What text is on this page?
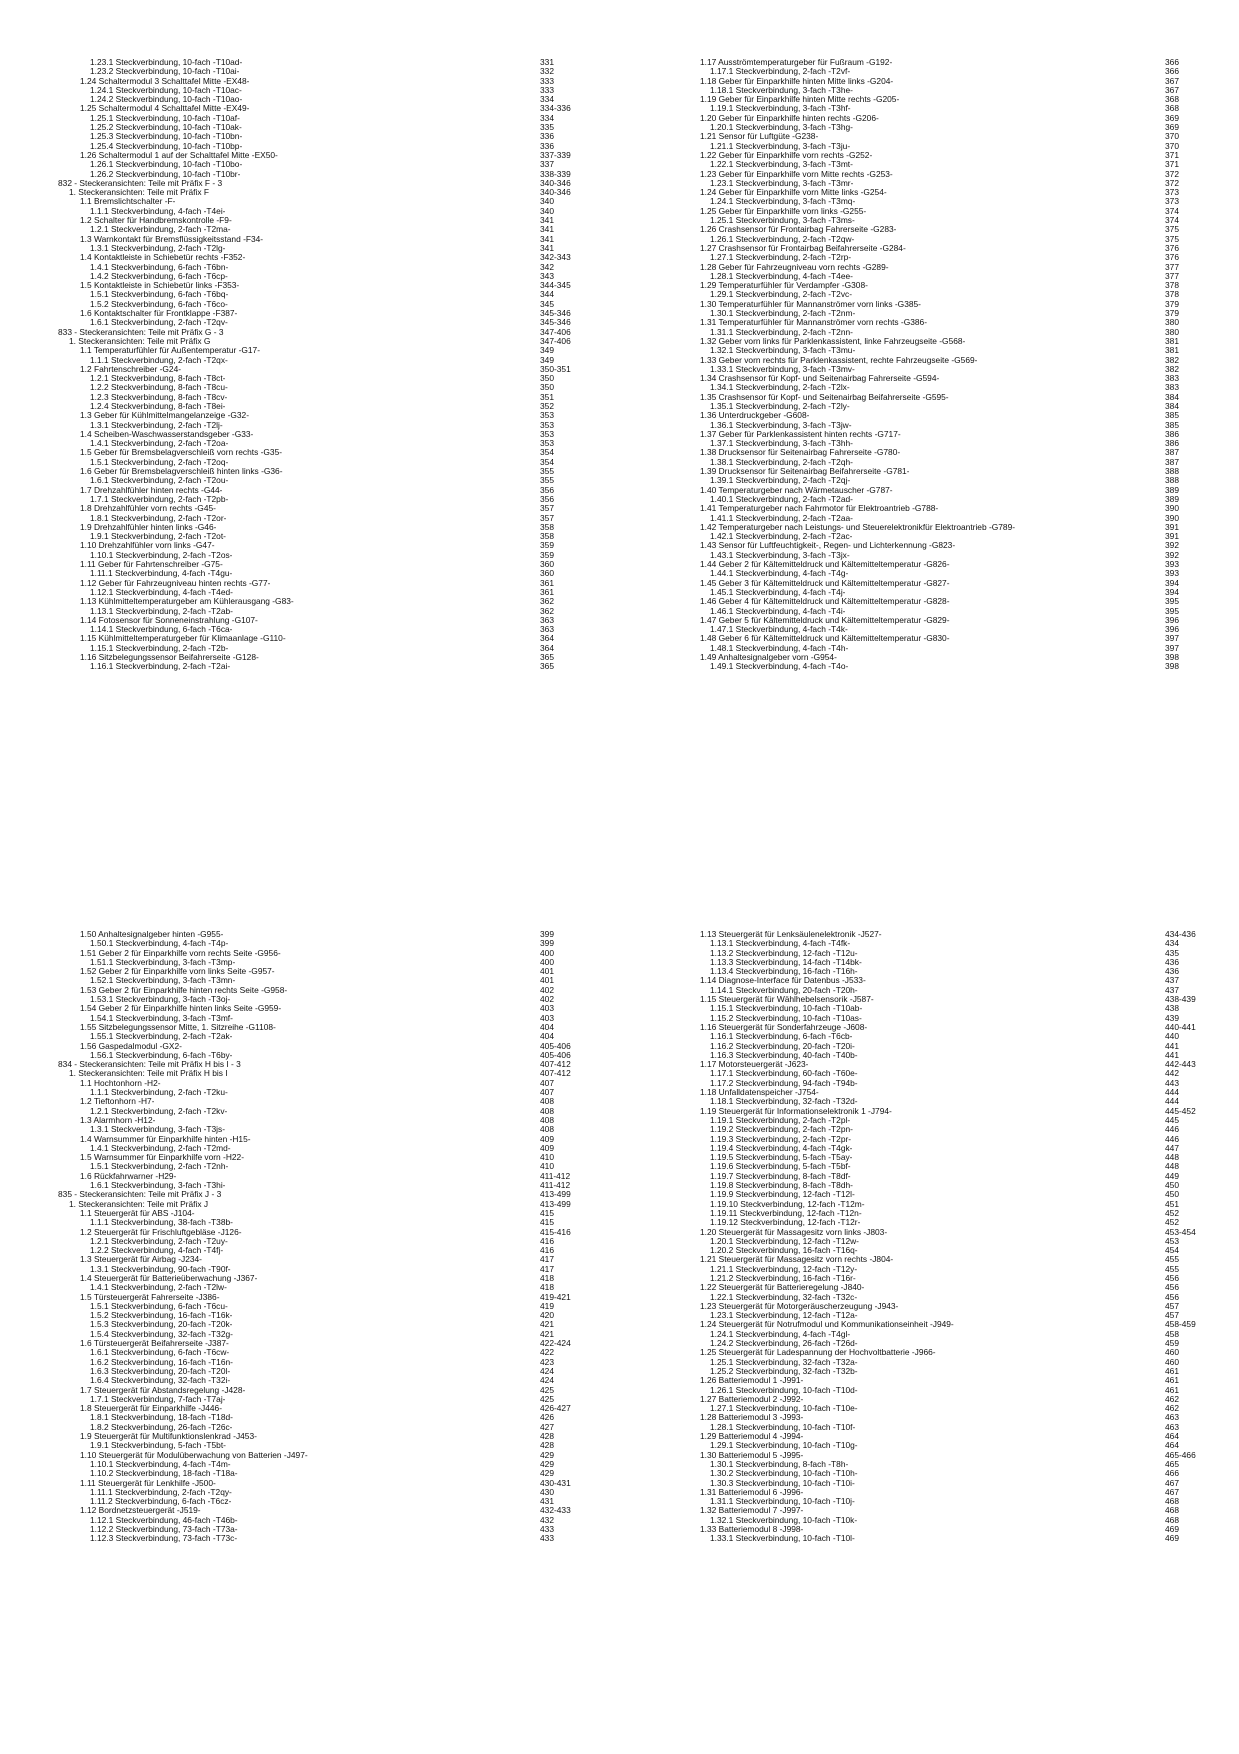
1.23.1 Steckverbindung, 10-fach -T10ad-	331
1.23.2 Steckverbindung, 10-fach -T10ai-	332
1.24 Schaltermodul 3 Schalttafel Mitte -EX48-	333
1.24.1 Steckverbindung, 10-fach -T10ac-	333
1.24.2 Steckverbindung, 10-fach -T10ao-	334
1.25 Schaltermodul 4 Schalttafel Mitte -EX49-	334-336
1.25.1 Steckverbindung, 10-fach -T10af-	334
1.25.2 Steckverbindung, 10-fach -T10ak-	335
1.25.3 Steckverbindung, 10-fach -T10bn-	336
1.25.4 Steckverbindung, 10-fach -T10bp-	336
1.26 Schaltermodul 1 auf der Schalttafel Mitte -EX50-	337-339
1.26.1 Steckverbindung, 10-fach -T10bo-	337
1.26.2 Steckverbindung, 10-fach -T10br-	338-339
832 - Steckeransichten: Teile mit Präfix F - 3	340-346
1. Steckeransichten: Teile mit Präfix F	340-346
1.1 Bremslichtschalter -F-	340
1.1.1 Steckverbindung, 4-fach -T4ei-	340
1.2 Schalter für Handbremskontrolle -F9-	341
1.2.1 Steckverbindung, 2-fach -T2ma-	341
1.3 Warnkontakt für Bremsflüssigkeitsstand -F34-	341
1.3.1 Steckverbindung, 2-fach -T2lg-	341
1.4 Kontaktleiste in Schiebetür rechts -F352-	342-343
1.4.1 Steckverbindung, 6-fach -T6bn-	342
1.4.2 Steckverbindung, 6-fach -T6cp-	343
1.5 Kontaktleiste in Schiebetür links -F353-	344-345
1.5.1 Steckverbindung, 6-fach -T6bq-	344
1.5.2 Steckverbindung, 6-fach -T6co-	345
1.6 Kontaktschalter für Frontklappe -F387-	345-346
1.6.1 Steckverbindung, 2-fach -T2qv-	345-346
833 - Steckeransichten: Teile mit Präfix G - 3	347-406
1. Steckeransichten: Teile mit Präfix G	347-406
1.1 Temperaturfühler für Außentemperatur -G17-	349
1.1.1 Steckverbindung, 2-fach -T2qx-	349
1.2 Fahrtenschreiber -G24-	350-351
1.2.1 Steckverbindung, 8-fach -T8ct-	350
1.2.2 Steckverbindung, 8-fach -T8cu-	350
1.2.3 Steckverbindung, 8-fach -T8cv-	351
1.2.4 Steckverbindung, 8-fach -T8ei-	352
1.3 Geber für Kühlmittelmangelanzeige -G32-	353
1.3.1 Steckverbindung, 2-fach -T2lj-	353
1.4 Scheiben-Waschwasserstandsgeber -G33-	353
1.4.1 Steckverbindung, 2-fach -T2oa-	353
1.5 Geber für Bremsbelagverschleiß vorn rechts -G35-	354
1.5.1 Steckverbindung, 2-fach -T2oq-	354
1.6 Geber für Bremsbelagverschleiß hinten links -G36-	355
1.6.1 Steckverbindung, 2-fach -T2ou-	355
1.7 Drehzahlfühler hinten rechts -G44-	356
1.7.1 Steckverbindung, 2-fach -T2pb-	356
1.8 Drehzahlfühler vorn rechts -G45-	357
1.8.1 Steckverbindung, 2-fach -T2or-	357
1.9 Drehzahlfühler hinten links -G46-	358
1.9.1 Steckverbindung, 2-fach -T2ot-	358
1.10 Drehzahlfühler vorn links -G47-	359
1.10.1 Steckverbindung, 2-fach -T2os-	359
1.11 Geber für Fahrtenschreiber -G75-	360
1.11.1 Steckverbindung, 4-fach -T4gu-	360
1.12 Geber für Fahrzeugniveau hinten rechts -G77-	361
1.12.1 Steckverbindung, 4-fach -T4ed-	361
1.13 Kühlmitteltemperaturgeber am Kühlerausgang -G83-	362
1.13.1 Steckverbindung, 2-fach -T2ab-	362
1.14 Fotosensor für Sonneneinstrahlung -G107-	363
1.14.1 Steckverbindung, 6-fach -T6ca-	363
1.15 Kühlmitteltemperaturgeber für Klimaanlage -G110-	364
1.15.1 Steckverbindung, 2-fach -T2b-	364
1.16 Sitzbelegungssensor Beifahrerseite -G128-	365
1.16.1 Steckverbindung, 2-fach -T2ai-	365
1.17 Ausströmtemperaturgeber für Fußraum -G192-	366
1.17.1 Steckverbindung, 2-fach -T2vf-	366
1.18 Geber für Einparkhilfe hinten Mitte links -G204-	367
1.18.1 Steckverbindung, 3-fach -T3he-	367
1.19 Geber für Einparkhilfe hinten Mitte rechts -G205-	368
1.19.1 Steckverbindung, 3-fach -T3hf-	368
1.20 Geber für Einparkhilfe hinten rechts -G206-	369
1.20.1 Steckverbindung, 3-fach -T3hg-	369
1.21 Sensor für Luftgüte -G238-	370
1.21.1 Steckverbindung, 3-fach -T3ju-	370
1.22 Geber für Einparkhilfe vorn rechts -G252-	371
1.22.1 Steckverbindung, 3-fach -T3mt-	371
1.23 Geber für Einparkhilfe vorn Mitte rechts -G253-	372
1.23.1 Steckverbindung, 3-fach -T3mr-	372
1.24 Geber für Einparkhilfe vorn Mitte links -G254-	373
1.24.1 Steckverbindung, 3-fach -T3mq-	373
1.25 Geber für Einparkhilfe vorn links -G255-	374
1.25.1 Steckverbindung, 3-fach -T3ms-	374
1.26 Crashsensor für Frontairbag Fahrerseite -G283-	375
1.26.1 Steckverbindung, 2-fach -T2qw-	375
1.27 Crashsensor für Frontairbag Beifahrerseite -G284-	376
1.27.1 Steckverbindung, 2-fach -T2rp-	376
1.28 Geber für Fahrzeugniveau vorn rechts -G289-	377
1.28.1 Steckverbindung, 4-fach -T4ee-	377
1.29 Temperaturfühler für Verdampfer -G308-	378
1.29.1 Steckverbindung, 2-fach -T2vc-	378
1.30 Temperaturfühler für Mannanströmer vorn links -G385-	379
1.30.1 Steckverbindung, 2-fach -T2nm-	379
1.31 Temperaturfühler für Mannanströmer vorn rechts -G386-	380
1.31.1 Steckverbindung, 2-fach -T2nn-	380
1.32 Geber vorn links für Parklenkassistent, linke Fahrzeugseite -G568-	381
1.32.1 Steckverbindung, 3-fach -T3mu-	381
1.33 Geber vorn rechts für Parklenkassistent, rechte Fahrzeugseite -G569-	382
1.33.1 Steckverbindung, 3-fach -T3mv-	382
1.34 Crashsensor für Kopf- und Seitenairbag Fahrerseite -G594-	383
1.34.1 Steckverbindung, 2-fach -T2lx-	383
1.35 Crashsensor für Kopf- und Seitenairbag Beifahrerseite -G595-	384
1.35.1 Steckverbindung, 2-fach -T2ly-	384
1.36 Unterdruckgeber -G608-	385
1.36.1 Steckverbindung, 3-fach -T3jw-	385
1.37 Geber für Parklenkassistent hinten rechts -G717-	386
1.37.1 Steckverbindung, 3-fach -T3hh-	386
1.38 Drucksensor für Seitenairbag Fahrerseite -G780-	387
1.38.1 Steckverbindung, 2-fach -T2qh-	387
1.39 Drucksensor für Seitenairbag Beifahrerseite -G781-	388
1.39.1 Steckverbindung, 2-fach -T2qj-	388
1.40 Temperaturgeber nach Wärmetauscher -G787-	389
1.40.1 Steckverbindung, 2-fach -T2ad-	389
1.41 Temperaturgeber nach Fahrmotor für Elektroantrieb -G788-	390
1.41.1 Steckverbindung, 2-fach -T2aa-	390
1.42 Temperaturgeber nach Leistungs- und Steuerelektronikfür Elektroantrieb -G789-	391
1.42.1 Steckverbindung, 2-fach -T2ac-	391
1.43 Sensor für Luftfeuchtigkeit-, Regen- und Lichterkennung -G823-	392
1.43.1 Steckverbindung, 3-fach -T3jx-	392
1.44 Geber 2 für Kältemitteldruck und Kältemitteltemperatur -G826-	393
1.44.1 Steckverbindung, 4-fach -T4g-	393
1.45 Geber 3 für Kältemitteldruck und Kältemitteltemperatur -G827-	394
1.45.1 Steckverbindung, 4-fach -T4j-	394
1.46 Geber 4 für Kältemitteldruck und Kältemitteltemperatur -G828-	395
1.46.1 Steckverbindung, 4-fach -T4i-	395
1.47 Geber 5 für Kältemitteldruck und Kältemitteltemperatur -G829-	396
1.47.1 Steckverbindung, 4-fach -T4k-	396
1.48 Geber 6 für Kältemitteldruck und Kältemitteltemperatur -G830-	397
1.48.1 Steckverbindung, 4-fach -T4h-	397
1.49 Anhaltesignalgeber vorn -G954-	398
1.49.1 Steckverbindung, 4-fach -T4o-	398
1.50 Anhaltesignalgeber hinten -G955-	399
1.50.1 Steckverbindung, 4-fach -T4p-	399
1.51 Geber 2 für Einparkhilfe vorn rechts Seite -G956-	400
1.51.1 Steckverbindung, 3-fach -T3mp-	400
1.52 Geber 2 für Einparkhilfe vorn links Seite -G957-	401
1.52.1 Steckverbindung, 3-fach -T3mn-	401
1.53 Geber 2 für Einparkhilfe hinten rechts Seite -G958-	402
1.53.1 Steckverbindung, 3-fach -T3oj-	402
1.54 Geber 2 für Einparkhilfe hinten links Seite -G959-	403
1.54.1 Steckverbindung, 3-fach -T3mf-	403
1.55 Sitzbelegungssensor Mitte, 1. Sitzreihe -G1108-	404
1.55.1 Steckverbindung, 2-fach -T2ak-	404
1.56 Gaspedalmodul -GX2-	405-406
1.56.1 Steckverbindung, 6-fach -T6by-	405-406
834 - Steckeransichten: Teile mit Präfix H bis I - 3	407-412
1. Steckeransichten: Teile mit Präfix H bis I	407-412
1.1 Hochtonhorn -H2-	407
1.1.1 Steckverbindung, 2-fach -T2ku-	407
1.2 Tieftonhorn -H7-	408
1.2.1 Steckverbindung, 2-fach -T2kv-	408
1.3 Alarmhorn -H12-	408
1.3.1 Steckverbindung, 3-fach -T3js-	408
1.4 Warnsummer für Einparkhilfe hinten -H15-	409
1.4.1 Steckverbindung, 2-fach -T2md-	409
1.5 Warnsummer für Einparkhilfe vorn -H22-	410
1.5.1 Steckverbindung, 2-fach -T2nh-	410
1.6 Rückfahrwarner -H29-	411-412
1.6.1 Steckverbindung, 3-fach -T3hi-	411-412
835 - Steckeransichten: Teile mit Präfix J - 3	413-499
1. Steckeransichten: Teile mit Präfix J	413-499
1.1 Steuergerät für ABS -J104-	415
1.1.1 Steckverbindung, 38-fach -T38b-	415
1.2 Steuergerät für Frischluftgebläse -J126-	415-416
1.2.1 Steckverbindung, 2-fach -T2uy-	416
1.2.2 Steckverbindung, 4-fach -T4fj-	416
1.3 Steuergerät für Airbag -J234-	417
1.3.1 Steckverbindung, 90-fach -T90f-	417
1.4 Steuergerät für Batterieüberwachung -J367-	418
1.4.1 Steckverbindung, 2-fach -T2lw-	418
1.5 Türsteuergerät Fahrerseite -J386-	419-421
1.5.1 Steckverbindung, 6-fach -T6cu-	419
1.5.2 Steckverbindung, 16-fach -T16k-	420
1.5.3 Steckverbindung, 20-fach -T20k-	421
1.5.4 Steckverbindung, 32-fach -T32g-	421
1.6 Türsteuergerät Beifahrerseite -J387-	422-424
1.6.1 Steckverbindung, 6-fach -T6cw-	422
1.6.2 Steckverbindung, 16-fach -T16n-	423
1.6.3 Steckverbindung, 20-fach -T20l-	424
1.6.4 Steckverbindung, 32-fach -T32i-	424
1.7 Steuergerät für Abstandsregelung -J428-	425
1.7.1 Steckverbindung, 7-fach -T7aj-	425
1.8 Steuergerät für Einparkhilfe -J446-	426-427
1.8.1 Steckverbindung, 18-fach -T18d-	426
1.8.2 Steckverbindung, 26-fach -T26c-	427
1.9 Steuergerät für Multifunktionslenkrad -J453-	428
1.9.1 Steckverbindung, 5-fach -T5bt-	428
1.10 Steuergerät für Modulüberwachung von Batterien -J497-	429
1.10.1 Steckverbindung, 4-fach -T4m-	429
1.10.2 Steckverbindung, 18-fach -T18a-	429
1.11 Steuergerät für Lenkhilfe -J500-	430-431
1.11.1 Steckverbindung, 2-fach -T2qy-	430
1.11.2 Steckverbindung, 6-fach -T6cz-	431
1.12 Bordnetzsteuergerät -J519-	432-433
1.12.1 Steckverbindung, 46-fach -T46b-	432
1.12.2 Steckverbindung, 73-fach -T73a-	433
1.12.3 Steckverbindung, 73-fach -T73c-	433
1.13 Steuergerät für Lenksäulenelektronik -J527-	434-436
1.13.1 Steckverbindung, 4-fach -T4fk-	434
1.13.2 Steckverbindung, 12-fach -T12u-	435
1.13.3 Steckverbindung, 14-fach -T14bk-	436
1.13.4 Steckverbindung, 16-fach -T16h-	436
1.14 Diagnose-Interface für Datenbus -J533-	437
1.14.1 Steckverbindung, 20-fach -T20h-	437
1.15 Steuergerät für Wählhebelsensorik -J587-	438-439
1.15.1 Steckverbindung, 10-fach -T10ab-	438
1.15.2 Steckverbindung, 10-fach -T10as-	439
1.16 Steuergerät für Sonderfahrzeuge -J608-	440-441
1.16.1 Steckverbindung, 6-fach -T6cb-	440
1.16.2 Steckverbindung, 20-fach -T20i-	441
1.16.3 Steckverbindung, 40-fach -T40b-	441
1.17 Motorsteuergerät -J623-	442-443
1.17.1 Steckverbindung, 60-fach -T60e-	442
1.17.2 Steckverbindung, 94-fach -T94b-	443
1.18 Unfalldatenspeicher -J754-	444
1.18.1 Steckverbindung, 32-fach -T32d-	444
1.19 Steuergerät für Informationselektronik 1 -J794-	445-452
1.19.1 Steckverbindung, 2-fach -T2pl-	445
1.19.2 Steckverbindung, 2-fach -T2pn-	446
1.19.3 Steckverbindung, 2-fach -T2pr-	446
1.19.4 Steckverbindung, 4-fach -T4gk-	447
1.19.5 Steckverbindung, 5-fach -T5ay-	448
1.19.6 Steckverbindung, 5-fach -T5bf-	448
1.19.7 Steckverbindung, 8-fach -T8df-	449
1.19.8 Steckverbindung, 8-fach -T8dh-	450
1.19.9 Steckverbindung, 12-fach -T12l-	450
1.19.10 Steckverbindung, 12-fach -T12m-	451
1.19.11 Steckverbindung, 12-fach -T12n-	452
1.19.12 Steckverbindung, 12-fach -T12r-	452
1.20 Steuergerät für Massagesitz vorn links -J803-	453-454
1.20.1 Steckverbindung, 12-fach -T12w-	453
1.20.2 Steckverbindung, 16-fach -T16q-	454
1.21 Steuergerät für Massagesitz vorn rechts -J804-	455
1.21.1 Steckverbindung, 12-fach -T12y-	455
1.21.2 Steckverbindung, 16-fach -T16r-	456
1.22 Steuergerät für Batterieregelung -J840-	456
1.22.1 Steckverbindung, 32-fach -T32c-	456
1.23 Steuergerät für Motorgeräuscherzeugung -J943-	457
1.23.1 Steckverbindung, 12-fach -T12a-	457
1.24 Steuergerät für Notrufmodul und Kommunikationseinheit -J949-	458-459
1.24.1 Steckverbindung, 4-fach -T4gl-	458
1.24.2 Steckverbindung, 26-fach -T26d-	459
1.25 Steuergerät für Ladespannung der Hochvoltbatterie -J966-	460
1.25.1 Steckverbindung, 32-fach -T32a-	460
1.25.2 Steckverbindung, 32-fach -T32b-	461
1.26 Batteriemodul 1 -J991-	461
1.26.1 Steckverbindung, 10-fach -T10d-	461
1.27 Batteriemodul 2 -J992-	462
1.27.1 Steckverbindung, 10-fach -T10e-	462
1.28 Batteriemodul 3 -J993-	463
1.28.1 Steckverbindung, 10-fach -T10f-	463
1.29 Batteriemodul 4 -J994-	464
1.29.1 Steckverbindung, 10-fach -T10g-	464
1.30 Batteriemodul 5 -J995-	465-466
1.30.1 Steckverbindung, 8-fach -T8h-	465
1.30.2 Steckverbindung, 10-fach -T10h-	466
1.30.3 Steckverbindung, 10-fach -T10i-	467
1.31 Batteriemodul 6 -J996-	467
1.31.1 Steckverbindung, 10-fach -T10j-	468
1.32 Batteriemodul 7 -J997-	468
1.32.1 Steckverbindung, 10-fach -T10k-	468
1.33 Batteriemodul 8 -J998-	469
1.33.1 Steckverbindung, 10-fach -T10l-	469
